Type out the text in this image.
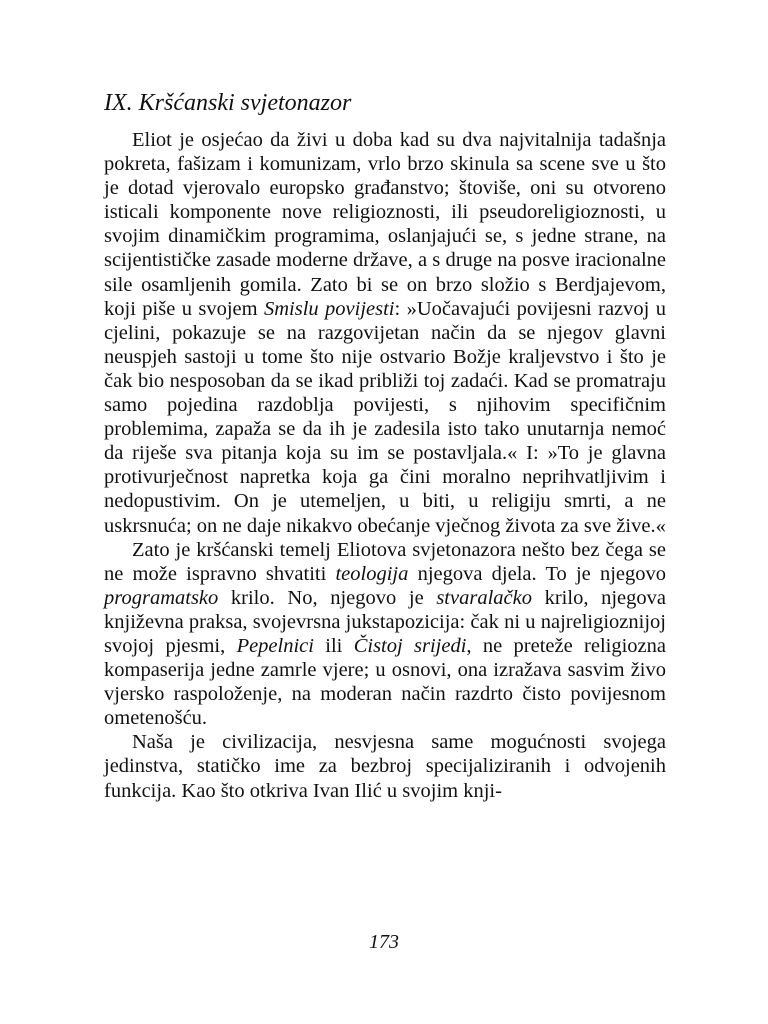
IX. Kršćanski svjetonazor

Eliot je osjećao da živi u doba kad su dva najvitalnija tadašnja pokreta, fašizam i komunizam, vrlo brzo skinula sa scene sve u što je dotad vjerovalo europsko građanstvo; štoviše, oni su otvoreno isticali komponente nove religioznosti, ili pseudoreligioznosti, u svojim dinamičkim programima, oslanjajući se, s jedne strane, na scijentističke zasade moderne države, a s druge na posve iracionalne sile osamljenih gomila. Zato bi se on brzo složio s Berdjajevom, koji piše u svojem Smislu povijesti: »Uočavajući povijesni razvoj u cjelini, pokazuje se na razgovijetan način da se njegov glavni neuspjeh sastoji u tome što nije ostvario Božje kraljevstvo i što je čak bio nesposoban da se ikad približi toj zadaći. Kad se promatraju samo pojedina razdoblja povijesti, s njihovim specifičnim problemima, zapaža se da ih je zadesila isto tako unutarnja nemoć da riješe sva pitanja koja su im se postavljala.« I: »To je glavna protivurječnost napretka koja ga čini moralno neprihvatljivim i nedopustivim. On je utemeljen, u biti, u religiju smrti, a ne uskrsnuća; on ne daje nikakvo obećanje vječnog života za sve žive.«

Zato je kršćanski temelj Eliotova svjetonazora nešto bez čega se ne može ispravno shvatiti teologija njegova djela. To je njegovo programatsko krilo. No, njegovo je stvaralačko krilo, njegova književna praksa, svojevrsna jukstapozicija: čak ni u najreligioznijoj svojoj pjesmi, Pepelnici ili Čistoj srijedi, ne preteže religiozna kompaserija jedne zamrle vjere; u osnovi, ona izražava sasvim živo vjersko raspoloženje, na moderan način razdrto čisto povijesnom ometenošću.

Naša je civilizacija, nesvjesna same mogućnosti svojega jedinstva, statičko ime za bezbroj specijaliziranih i odvojenih funkcija. Kao što otkriva Ivan Ilić u svojim knji-

173
